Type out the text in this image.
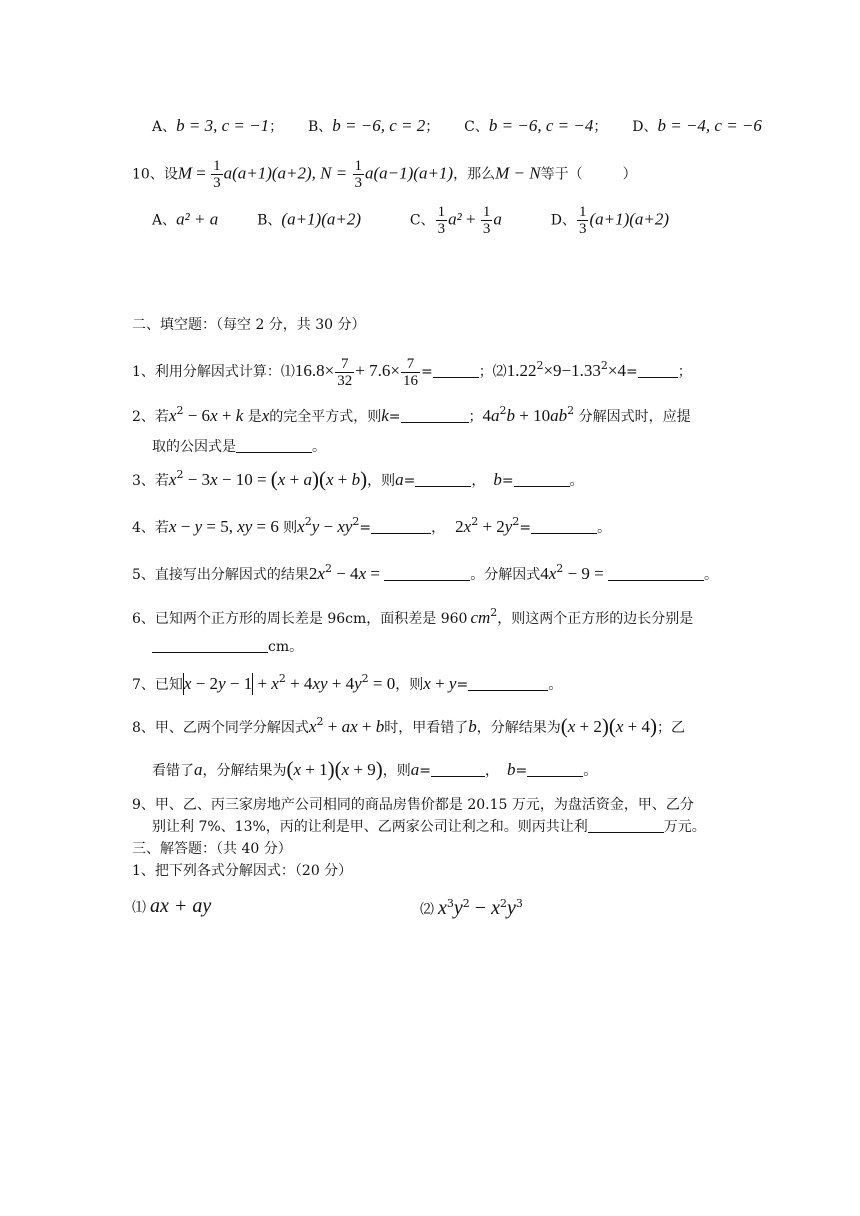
A、b = 3, c = −1； B、b = −6, c = 2； C、b = −6, c = −4； D、b = −4, c = −6
10、设$M = \frac{1}{3} a(a+1)(a+2)$, $N = \frac{1}{3} a(a-1)(a+1)$，那么M − N等于（	）
A、a² + a	B、(a+1)(a+2)	C、 $\frac{1}{3} a^2 + \frac{1}{3}$ a	D、 $\frac{1}{3} (a+1)(a+2)$
二、填空题：（每空 2 分，共 30 分）
1、利用分解因式计算：⑴16.8× $\frac{7}{32} + 7.6\times \frac{7}{16}$ =	；$⑵1.22^2\times 9-1.33^2\times 4=$	；
2、若$x^2 - 6x + k$ 是x的完全平方式，则k=	；$4a^2b + 10ab^2$ 分解因式时，应提
取的公因式是	。
3、若$x^2 - 3x - 10 = (x + a)(x + b)$，则a=	， b=	。
4、若x − y = 5, xy = 6 则$x^2y - xy^2=$	， $2x^2 + 2y^2=$	。
5、直接写出分解因式的结果$2x^2 - 4x$ =	。分解因式$4x^2 - 9$ =	。
6、已知两个正方形的周长差是 96cm，面积差是 960 $cm^2$，则这两个正方形的边长分别是
cm。
7、已知$x - 2y - 1 + x^2 + 4xy + 4y^2 = 0$，则x + y=	。
8、甲、乙两个同学分解因式$x^2$ + ax + b时，甲看错了b，分解结果为(x + 2)(x + 4)；乙
看错了a，分解结果为(x + 1)(x + 9)，则a=	， b=	。
9、甲、乙、丙三家房地产公司相同的商品房售价都是 20.15 万元，为盘活资金，甲、乙分
别让利 7%、13%，丙的让利是甲、乙两家公司让利之和。则丙共让利	万元。
三、解答题：（共 40 分）
1、把下列各式分解因式：（20 分）
⑴ ax + ay	⑵ $x^3y^2 - x^2y^3$
